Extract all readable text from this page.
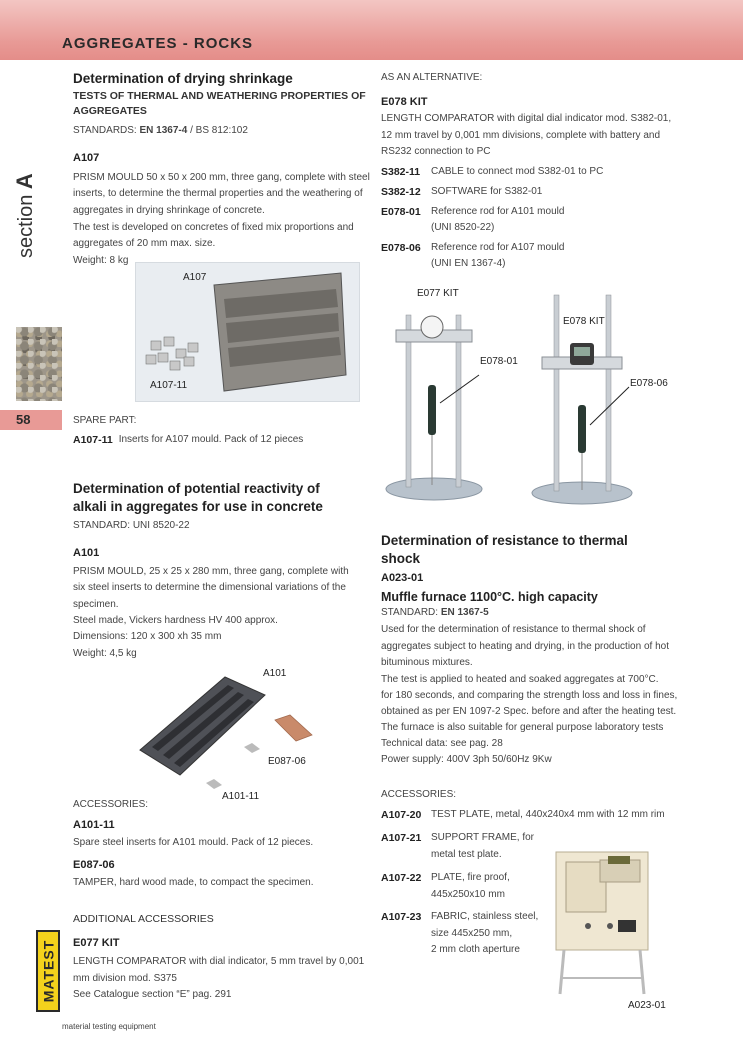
AGGREGATES - ROCKS
section A
58
MATEST
material testing equipment
Determination of drying shrinkage
TESTS OF THERMAL AND WEATHERING PROPERTIES OF
AGGREGATES
STANDARDS: EN 1367-4 / BS 812:102
A107
PRISM MOULD 50 x 50 x 200 mm, three gang, complete with steel
inserts, to determine the thermal properties and the weathering of
aggregates in drying shrinkage of concrete.
The test is developed on concretes of fixed mix proportions and
aggregates of 20 mm max. size.
Weight: 8 kg
A107
A107-11
SPARE PART:
A107-11 Inserts for A107 mould. Pack of 12 pieces
Determination of potential reactivity of
alkali in aggregates for use in concrete
STANDARD: UNI 8520-22
A101
PRISM MOULD, 25 x 25 x 280 mm, three gang, complete with
six steel inserts to determine the dimensional variations of the
specimen.
Steel made, Vickers hardness HV 400 approx.
Dimensions: 120 x 300 xh 35 mm
Weight: 4,5 kg
A101
E087-06
A101-11
ACCESSORIES:
A101-11
Spare steel inserts for A101 mould. Pack of 12 pieces.
E087-06
TAMPER, hard wood made, to compact the specimen.
ADDITIONAL ACCESSORIES
E077 KIT
LENGTH COMPARATOR with dial indicator, 5 mm travel by 0,001
mm division mod. S375
See Catalogue section “E” pag. 291
AS AN ALTERNATIVE:
E078 KIT
LENGTH COMPARATOR with digital dial indicator mod. S382-01,
12 mm travel by 0,001 mm divisions, complete with battery and
RS232 connection to PC
S382-11	CABLE to connect mod S382-01 to PC
S382-12	SOFTWARE for S382-01
E078-01	Reference rod for A101 mould
(UNI 8520-22)
E078-06	Reference rod for A107 mould
(UNI EN 1367-4)
E077 KIT
E078 KIT
E078-01
E078-06
Determination of resistance to thermal
shock
A023-01
Muffle furnace 1100°C. high capacity
STANDARD: EN 1367-5
Used for the determination of resistance to thermal shock of
aggregates subject to heating and drying, in the production of hot
bituminous mixtures.
The test is applied to heated and soaked aggregates at 700°C.
for 180 seconds, and comparing the strength loss and loss in fines,
obtained as per EN 1097-2 Spec. before and after the heating test.
The furnace is also suitable for general purpose laboratory tests
Technical data: see pag. 28
Power supply: 400V 3ph 50/60Hz 9Kw
ACCESSORIES:
A107-20 TEST PLATE, metal, 440x240x4 mm with 12 mm rim
A107-21 SUPPORT FRAME, for
metal test plate.
A107-22 PLATE, fire proof,
445x250x10 mm
A107-23 FABRIC, stainless steel,
size 445x250 mm,
2 mm cloth aperture
A023-01
